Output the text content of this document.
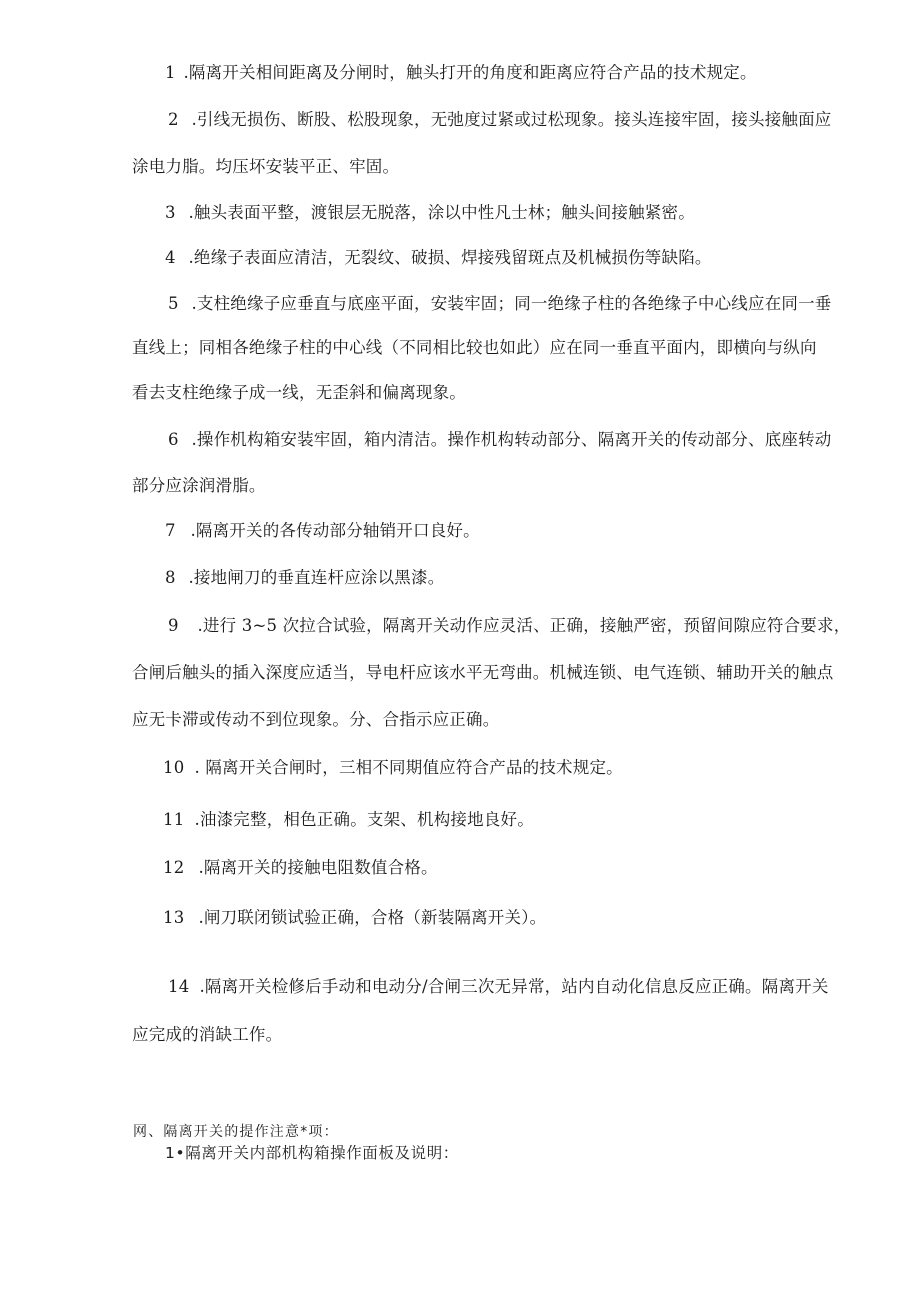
1 .隔离开关相间距离及分闸时，触头打开的角度和距离应符合产品的技术规定。
2 .引线无损伤、断股、松股现象，无弛度过紧或过松现象。接头连接牢固，接头接触面应
涂电力脂。均压坏安装平正、牢固。
3 .触头表面平整，渡银层无脱落，涂以中性凡士林；触头间接触紧密。
4 .绝缘子表面应清洁，无裂纹、破损、焊接残留斑点及机械损伤等缺陷。
5 .支柱绝缘子应垂直与底座平面，安装牢固；同一绝缘子柱的各绝缘子中心线应在同一垂
直线上；同相各绝缘子柱的中心线（不同相比较也如此）应在同一垂直平面内，即横向与纵向
看去支柱绝缘子成一线，无歪斜和偏离现象。
6 .操作机构箱安装牢固，箱内清洁。操作机构转动部分、隔离开关的传动部分、底座转动
部分应涂润滑脂。
7 .隔离开关的各传动部分轴销开口良好。
8 .接地闸刀的垂直连杆应涂以黑漆。
9 .进行 3~5 次拉合试验，隔离开关动作应灵活、正确，接触严密，预留间隙应符合要求，
合闸后触头的插入深度应适当，导电杆应该水平无弯曲。机械连锁、电气连锁、辅助开关的触点
应无卡滞或传动不到位现象。分、合指示应正确。
10 . 隔离开关合闸时，三相不同期值应符合产品的技术规定。
11 .油漆完整，相色正确。支架、机构接地良好。
12 .隔离开关的接触电阻数值合格。
13 .闸刀联闭锁试验正确，合格（新装隔离开关）。
14 .隔离开关检修后手动和电动分/合闸三次无异常，站内自动化信息反应正确。隔离开关
应完成的消缺工作。
网、隔离开关的提作注意*项：
1•隔离开关内部机构箱操作面板及说明：
